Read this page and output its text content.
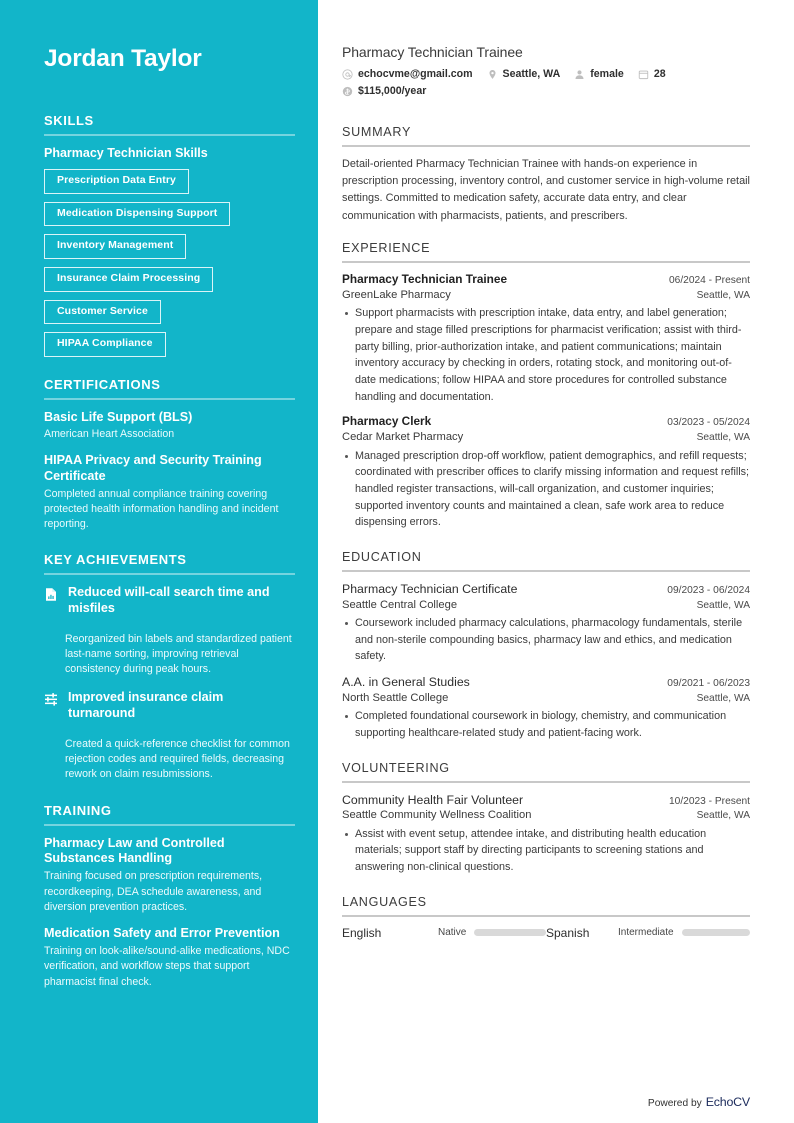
Jordan Taylor
SKILLS
Pharmacy Technician Skills
Prescription Data Entry
Medication Dispensing Support
Inventory Management
Insurance Claim Processing
Customer Service
HIPAA Compliance
CERTIFICATIONS
Basic Life Support (BLS)
American Heart Association
HIPAA Privacy and Security Training Certificate
Completed annual compliance training covering protected health information handling and incident reporting.
KEY ACHIEVEMENTS
Reduced will-call search time and misfiles
Reorganized bin labels and standardized patient last-name sorting, improving retrieval consistency during peak hours.
Improved insurance claim turnaround
Created a quick-reference checklist for common rejection codes and required fields, decreasing rework on claim resubmissions.
TRAINING
Pharmacy Law and Controlled Substances Handling
Training focused on prescription requirements, recordkeeping, DEA schedule awareness, and diversion prevention practices.
Medication Safety and Error Prevention
Training on look-alike/sound-alike medications, NDC verification, and workflow steps that support pharmacist final check.
Pharmacy Technician Trainee
echocvme@gmail.com	Seattle, WA	female	28
$115,000/year
SUMMARY

Detail-oriented Pharmacy Technician Trainee with hands-on experience in prescription processing, inventory control, and customer service in high-volume retail settings. Committed to medication safety, accurate data entry, and clear communication with pharmacists, patients, and prescribers.

EXPERIENCE
Pharmacy Technician Trainee	06/2024 - Present
GreenLake Pharmacy	Seattle, WA
Support pharmacists with prescription intake, data entry, and label generation; prepare and stage filled prescriptions for pharmacist verification; assist with third-party billing, prior-authorization intake, and patient communications; maintain inventory accuracy by checking in orders, rotating stock, and monitoring out-of-date medications; follow HIPAA and store procedures for controlled substance handling and documentation.
Pharmacy Clerk	03/2023 - 05/2024
Cedar Market Pharmacy	Seattle, WA
Managed prescription drop-off workflow, patient demographics, and refill requests; coordinated with prescriber offices to clarify missing information and request refills; handled register transactions, will-call organization, and customer inquiries; supported inventory counts and maintained a clean, safe work area to reduce dispensing errors.
EDUCATION
Pharmacy Technician Certificate	09/2023 - 06/2024
Seattle Central College	Seattle, WA
Coursework included pharmacy calculations, pharmacology fundamentals, sterile and non-sterile compounding basics, pharmacy law and ethics, and medication safety.
A.A. in General Studies	09/2021 - 06/2023
North Seattle College	Seattle, WA
Completed foundational coursework in biology, chemistry, and communication supporting healthcare-related study and patient-facing work.
VOLUNTEERING
Community Health Fair Volunteer	10/2023 - Present
Seattle Community Wellness Coalition	Seattle, WA
Assist with event setup, attendee intake, and distributing health education materials; support staff by directing participants to screening stations and answering non-clinical questions.
LANGUAGES
English	Native	Spanish	Intermediate
Powered by EchoCV
